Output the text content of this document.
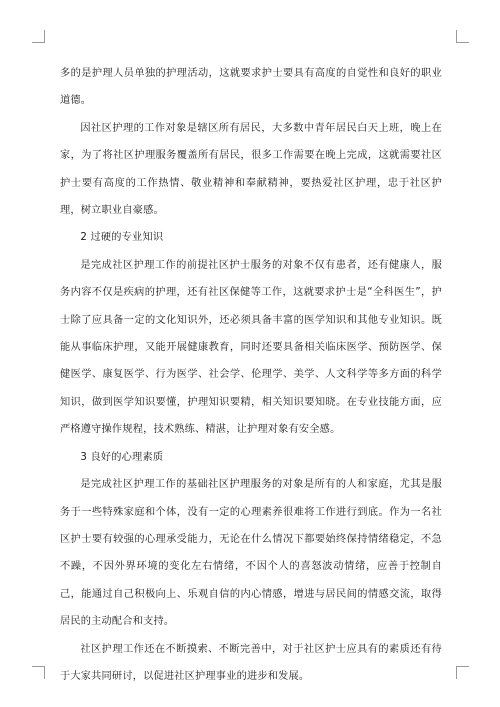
多的是护理人员单独的护理活动，这就要求护士要具有高度的自觉性和良好的职业道德。

因社区护理的工作对象是辖区所有居民，大多数中青年居民白天上班，晚上在家，为了将社区护理服务覆盖所有居民，很多工作需要在晚上完成，这就需要社区护士要有高度的工作热情、敬业精神和奉献精神，要热爱社区护理，忠于社区护理，树立职业自豪感。

2 过硬的专业知识

是完成社区护理工作的前提社区护士服务的对象不仅有患者，还有健康人，服务内容不仅是疾病的护理，还有社区保健等工作，这就要求护士是“全科医生”，护士除了应具备一定的文化知识外，还必须具备丰富的医学知识和其他专业知识。既能从事临床护理，又能开展健康教育，同时还要具备相关临床医学、预防医学、保健医学、康复医学、行为医学、社会学、伦理学、美学、人文科学等多方面的科学知识，做到医学知识要懂，护理知识要精，相关知识要知晓。在专业技能方面，应严格遵守操作规程，技术熟练、精湛，让护理对象有安全感。

3 良好的心理素质

是完成社区护理工作的基础社区护理服务的对象是所有的人和家庭，尤其是服务于一些特殊家庭和个体，没有一定的心理素养很难将工作进行到底。作为一名社区护士要有较强的心理承受能力，无论在什么情况下都要始终保持情绪稳定，不急不躁，不因外界环境的变化左右情绪，不因个人的喜怒波动情绪，应善于控制自己，能通过自己积极向上、乐观自信的内心情感，增进与居民间的情感交流，取得居民的主动配合和支持。

社区护理工作还在不断摸索、不断完善中，对于社区护士应具有的素质还有待于大家共同研讨，以促进社区护理事业的进步和发展。
